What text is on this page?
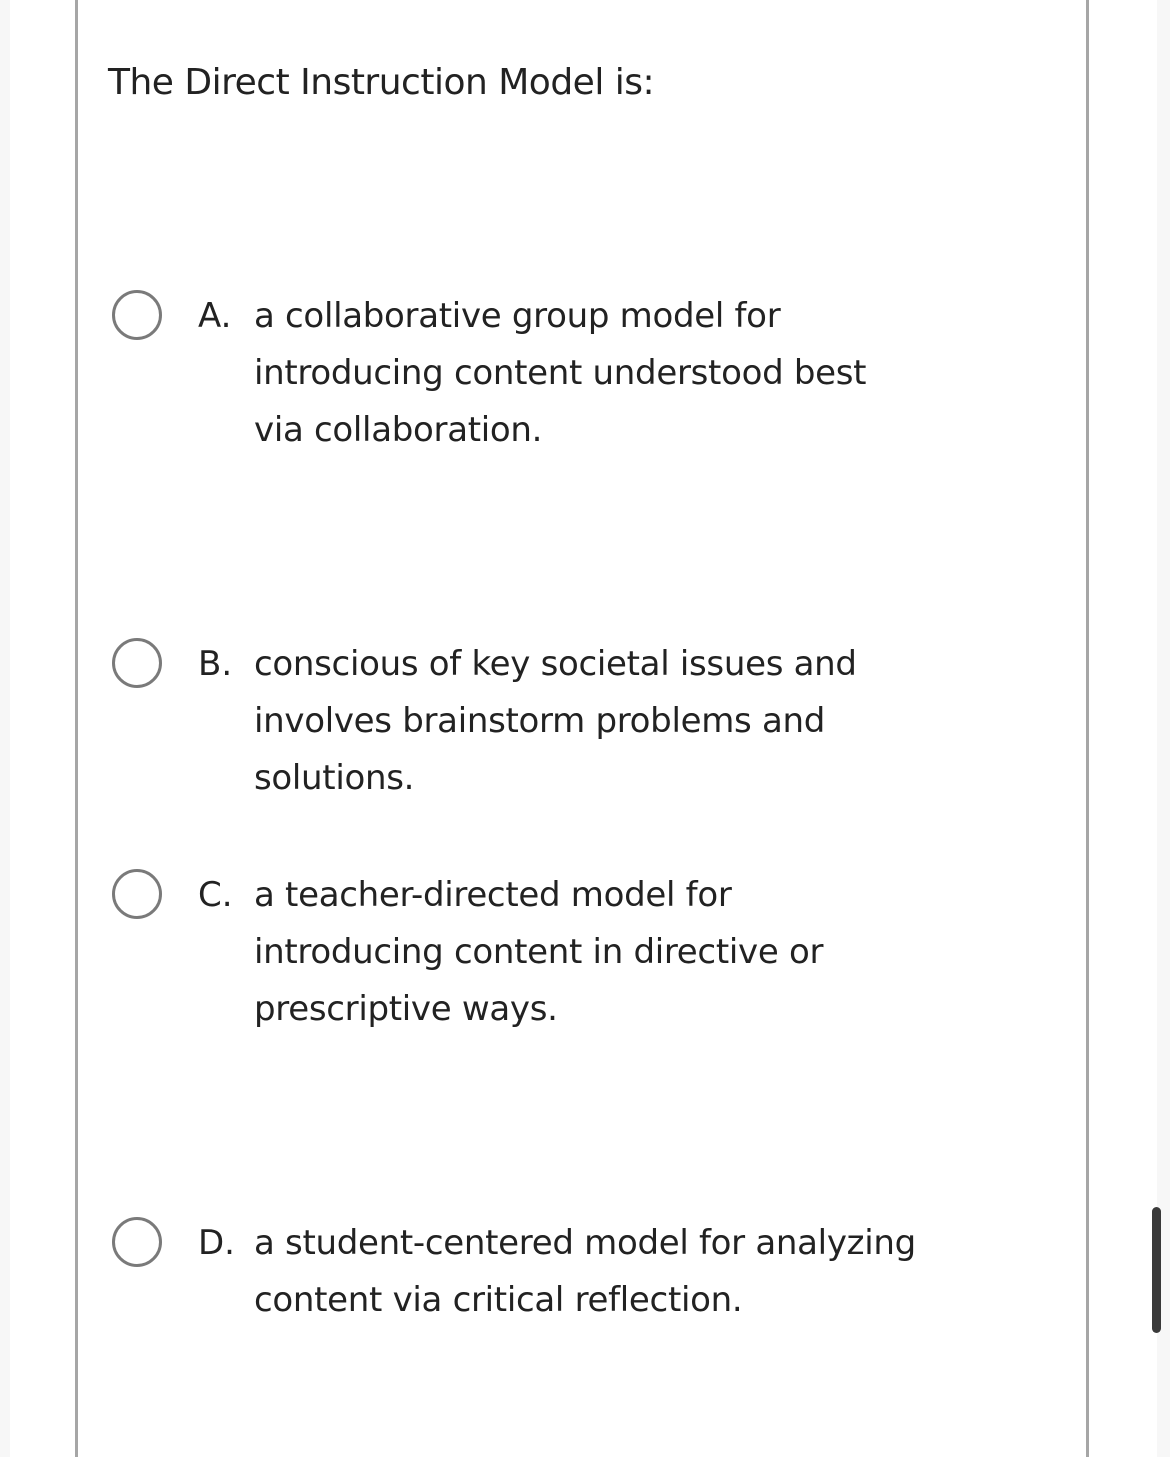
The Direct Instruction Model is:
A. a collaborative group model for
introducing content understood best
via collaboration.

B. conscious of key societal issues and
involves brainstorm problems and
solutions.

C. a teacher-directed model for
introducing content in directive or
prescriptive ways.

D. a student-centered model for analyzing
content via critical reflection.
